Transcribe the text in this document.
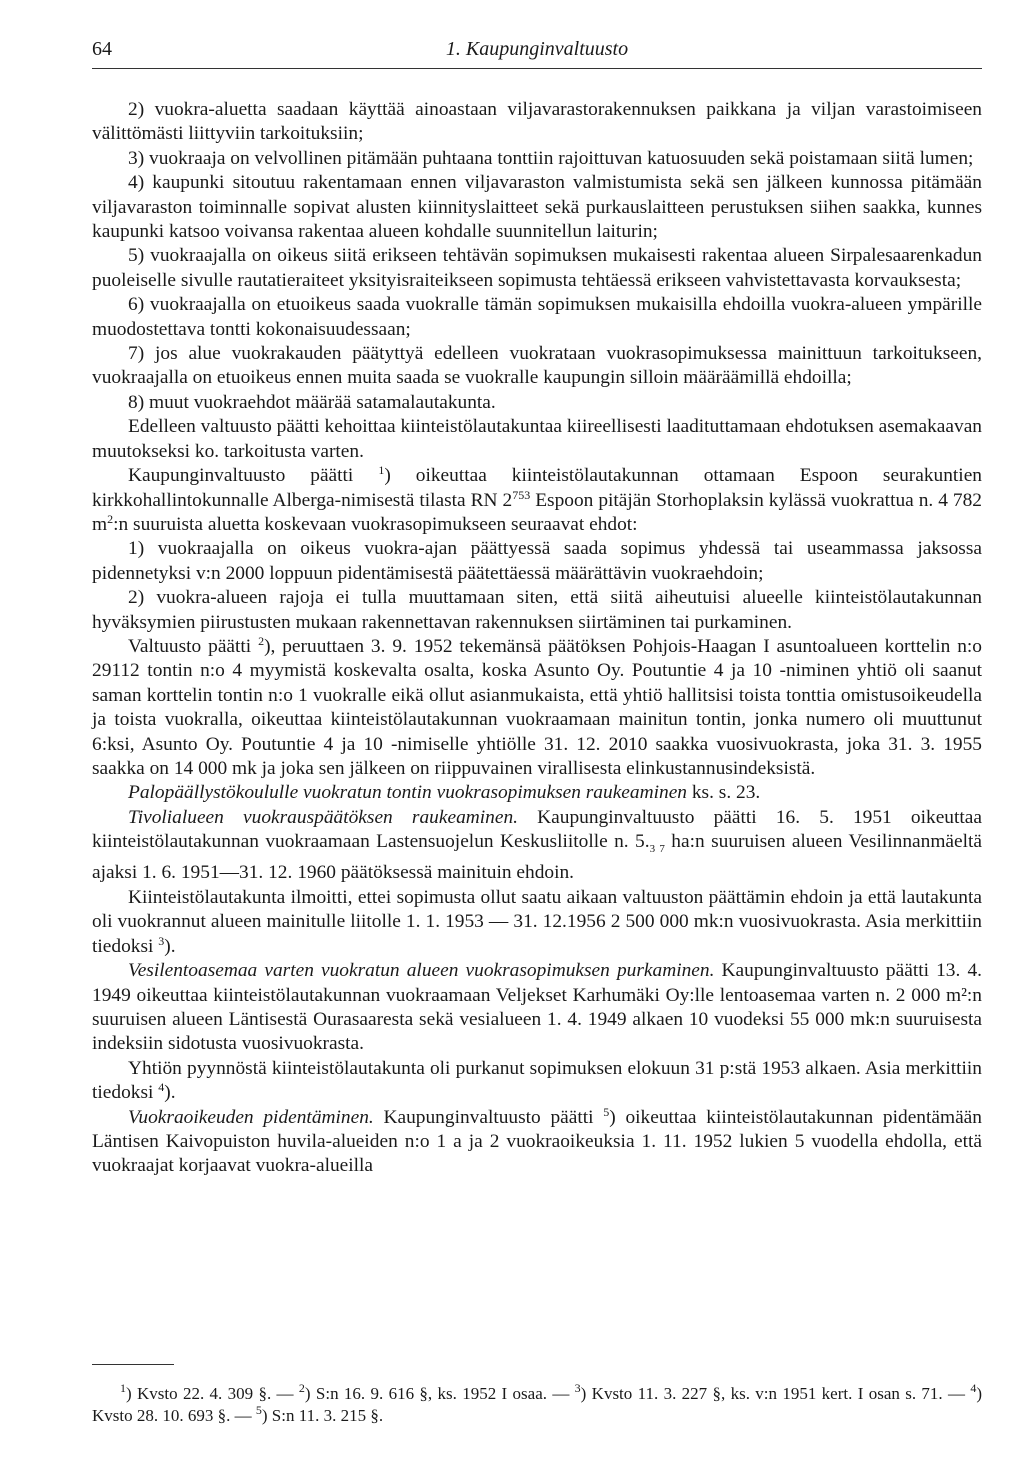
64	1. Kaupunginvaltuusto

2) vuokra-aluetta saadaan käyttää ainoastaan viljavarastorakennuksen paikkana ja viljan varastoimiseen välittömästi liittyviin tarkoituksiin;

3) vuokraaja on velvollinen pitämään puhtaana tonttiin rajoittuvan katuosuuden sekä poistamaan siitä lumen;

4) kaupunki sitoutuu rakentamaan ennen viljavaraston valmistumista sekä sen jälkeen kunnossa pitämään viljavaraston toiminnalle sopivat alusten kiinnityslaitteet sekä purkauslaitteen perustuksen siihen saakka, kunnes kaupunki katsoo voivansa rakentaa alueen kohdalle suunnitellun laiturin;

5) vuokraajalla on oikeus siitä erikseen tehtävän sopimuksen mukaisesti rakentaa alueen Sirpalesaarenkadun puoleiselle sivulle rautatieraiteet yksityisraiteikseen sopimusta tehtäessä erikseen vahvistettavasta korvauksesta;

6) vuokraajalla on etuoikeus saada vuokralle tämän sopimuksen mukaisilla ehdoilla vuokra-alueen ympärille muodostettava tontti kokonaisuudessaan;

7) jos alue vuokrakauden päätyttyä edelleen vuokrataan vuokrasopimuksessa mainittuun tarkoitukseen, vuokraajalla on etuoikeus ennen muita saada se vuokralle kaupungin silloin määräämillä ehdoilla;

8) muut vuokraehdot määrää satamalautakunta.

Edelleen valtuusto päätti kehoittaa kiinteistölautakuntaa kiireellisesti laadituttamaan ehdotuksen asemakaavan muutokseksi ko. tarkoitusta varten.

Kaupunginvaltuusto päätti $^1$) oikeuttaa kiinteistölautakunnan ottamaan Espoon seurakuntien kirkkohallintokunnalle Alberga-nimisestä tilasta RN $2^{753}$ Espoon pitäjän Storhoplaksin kylässä vuokrattua n. 4 782 $m^2:n$ suuruista aluetta koskevaan vuokrasopimukseen seuraavat ehdot:

1) vuokraajalla on oikeus vuokra-ajan päättyessä saada sopimus yhdessä tai useammassa jaksossa pidennetyksi v:n 2000 loppuun pidentämisestä päätettäessä määrättävin vuokraehdoin;

2) vuokra-alueen rajoja ei tulla muuttamaan siten, että siitä aiheutuisi alueelle kiinteistölautakunnan hyväksymien piirustusten mukaan rakennettavan rakennuksen siirtäminen tai purkaminen.

Valtuusto päätti $^2$), peruuttaen 3. 9. 1952 tekemänsä päätöksen Pohjois-Haagan I asuntoalueen korttelin n:o 29112 tontin n:o 4 myymistä koskevalta osalta, koska Asunto Oy. Poutuntie 4 ja 10 -niminen yhtiö oli saanut saman korttelin tontin n:o 1 vuokralle eikä ollut asianmukaista, että yhtiö hallitsisi toista tonttia omistusoikeudella ja toista vuokralla, oikeuttaa kiinteistölautakunnan vuokraamaan mainitun tontin, jonka numero oli muuttunut 6:ksi, Asunto Oy. Poutuntie 4 ja 10 -nimiselle yhtiölle 31. 12. 2010 saakka vuosivuokrasta, joka 31. 3. 1955 saakka on 14 000 mk ja joka sen jälkeen on riippuvainen virallisesta elinkustannusindeksistä.

Palopäällystökoululle vuokratun tontin vuokrasopimuksen raukeaminen ks. s. 23.

Tivolialueen vuokrauspäätöksen raukeaminen. Kaupunginvaltuusto päätti 16. 5. 1951 oikeuttaa kiinteistölautakunnan vuokraamaan Lastensuojelun Keskusliitolle n. $5._{3 7}$ ha:n suuruisen alueen Vesilinnanmäeltä ajaksi 1. 6. 1951—31. 12. 1960 päätöksessä mainituin ehdoin.

Kiinteistölautakunta ilmoitti, ettei sopimusta ollut saatu aikaan valtuuston päättämin ehdoin ja että lautakunta oli vuokrannut alueen mainitulle liitolle 1. 1. 1953 — 31. 12.1956 2 500 000 mk:n vuosivuokrasta. Asia merkittiin tiedoksi $^3$).

Vesilentoasemaa varten vuokratun alueen vuokrasopimuksen purkaminen. Kaupunginvaltuusto päätti 13. 4. 1949 oikeuttaa kiinteistölautakunnan vuokraamaan Veljekset Karhumäki Oy:lle lentoasemaa varten n. 2 000 m²:n suuruisen alueen Läntisestä Ourasaaresta sekä vesialueen 1. 4. 1949 alkaen 10 vuodeksi 55 000 mk:n suuruisesta indeksiin sidotusta vuosivuokrasta.

Yhtiön pyynnöstä kiinteistölautakunta oli purkanut sopimuksen elokuun 31 p:stä 1953 alkaen. Asia merkittiin tiedoksi $^4$).

Vuokraoikeuden pidentäminen. Kaupunginvaltuusto päätti $^5$) oikeuttaa kiinteistölautakunnan pidentämään Läntisen Kaivopuiston huvila-alueiden n:o 1 a ja 2 vuokraoikeuksia 1. 11. 1952 lukien 5 vuodella ehdolla, että vuokraajat korjaavat vuokra-alueilla

$^1$) Kvsto 22. 4. 309 §. — $^2$) S:n 16. 9. 616 §, ks. 1952 I osaa. — $^3$) Kvsto 11. 3. 227 §, ks. v:n 1951 kert. I osan s. 71. — $^4$) Kvsto 28. 10. 693 §. — $^5$) S:n 11. 3. 215 §.
